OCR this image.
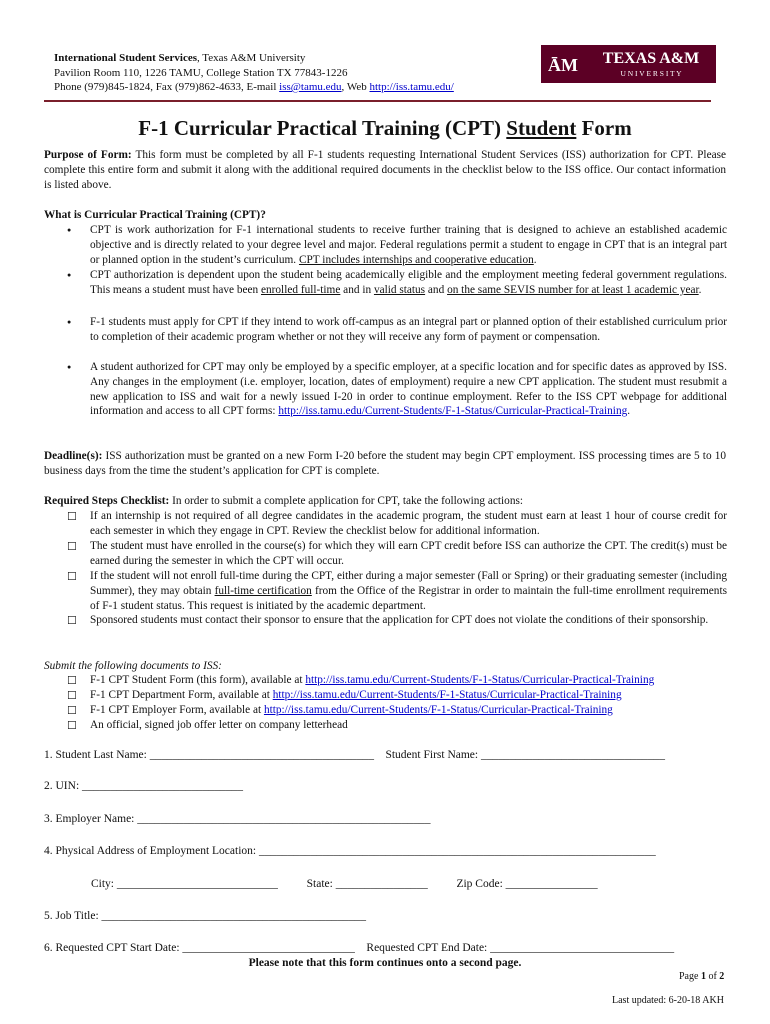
International Student Services, Texas A&M University
Pavilion Room 110, 1226 TAMU, College Station TX 77843-1226
Phone (979)845-1824, Fax (979)862-4633, E-mail iss@tamu.edu, Web http://iss.tamu.edu/
ĀM TEXAS A&M
U N I V E R S I T Y
F-1 Curricular Practical Training (CPT) Student Form
Purpose of Form: This form must be completed by all F-1 students requesting International Student Services (ISS) authorization for CPT. Please complete this entire form and submit it along with the additional required documents in the checklist below to the ISS office. Our contact information is listed above.
What is Curricular Practical Training (CPT)?
●	CPT is work authorization for F-1 international students to receive further training that is designed to achieve an established academic objective and is directly related to your degree level and major. Federal regulations permit a student to engage in CPT that is an integral part or planned option in the student’s curriculum. CPT includes internships and cooperative education.
●	CPT authorization is dependent upon the student being academically eligible and the employment meeting federal government regulations. This means a student must have been enrolled full-time and in valid status and on the same SEVIS number for at least 1 academic year.
●	F-1 students must apply for CPT if they intend to work off-campus as an integral part or planned option of their established curriculum prior to completion of their academic program whether or not they will receive any form of payment or compensation.
●	A student authorized for CPT may only be employed by a specific employer, at a specific location and for specific dates as approved by ISS. Any changes in the employment (i.e. employer, location, dates of employment) require a new CPT application. The student must resubmit a new application to ISS and wait for a newly issued I-20 in order to continue employment. Refer to the ISS CPT webpage for additional information and access to all CPT forms: http://iss.tamu.edu/Current-Students/F-1-Status/Curricular-Practical-Training.
Deadline(s): ISS authorization must be granted on a new Form I-20 before the student may begin CPT employment. ISS processing times are 5 to 10 business days from the time the student’s application for CPT is complete.
Required Steps Checklist: In order to submit a complete application for CPT, take the following actions:
☐ If an internship is not required of all degree candidates in the academic program, the student must earn at least 1 hour of course credit for each semester in which they engage in CPT. Review the checklist below for additional information.
☐ The student must have enrolled in the course(s) for which they will earn CPT credit before ISS can authorize the CPT. The credit(s) must be earned during the semester in which the CPT will occur.
☐ If the student will not enroll full-time during the CPT, either during a major semester (Fall or Spring) or their graduating semester (including Summer), they may obtain full-time certification from the Office of the Registrar in order to maintain the full-time enrollment requirements of F-1 student status. This request is initiated by the academic department.
☐ Sponsored students must contact their sponsor to ensure that the application for CPT does not violate the conditions of their sponsorship.
Submit the following documents to ISS:
☐ F-1 CPT Student Form (this form), available at http://iss.tamu.edu/Current-Students/F-1-Status/Curricular-Practical-Training
☐ F-1 CPT Department Form, available at http://iss.tamu.edu/Current-Students/F-1-Status/Curricular-Practical-Training
☐ F-1 CPT Employer Form, available at http://iss.tamu.edu/Current-Students/F-1-Status/Curricular-Practical-Training
☐ An official, signed job offer letter on company letterhead
1. Student Last Name: _______________________________________    Student First Name: ________________________________
2. UIN: ____________________________
3. Employer Name: ___________________________________________________
4. Physical Address of Employment Location: _____________________________________________________________________
City: ____________________________          State: ________________          Zip Code: ________________
5. Job Title: ______________________________________________
6. Requested CPT Start Date: ______________________________    Requested CPT End Date: ________________________________
Please note that this form continues onto a second page.
Page 1 of 2
Last updated: 6-20-18 AKH
